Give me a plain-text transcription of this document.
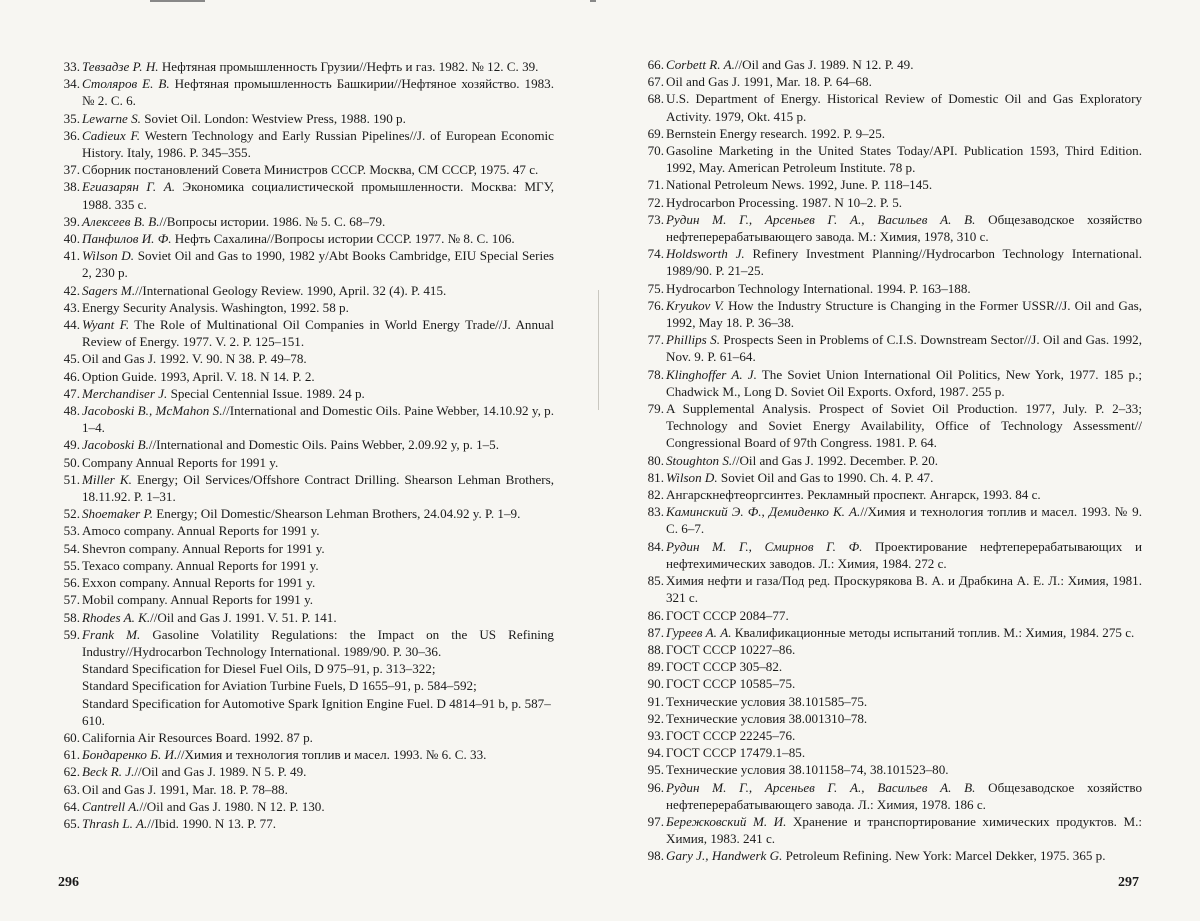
33. Тевзадзе Р. Н. Нефтяная промышленность Грузии//Нефть и газ. 1982. № 12. С. 39.
34. Столяров Е. В. Нефтяная промышленность Башкирии//Нефтяное хозяйство. 1983. № 2. С. 6.
35. Lewarne S. Soviet Oil. London: Westview Press, 1988. 190 p.
36. Cadieux F. Western Technology and Early Russian Pipelines//J. of European Economic History. Italy, 1986. P. 345–355.
37. Сборник постановлений Совета Министров СССР. Москва, СМ СССР, 1975. 47 с.
38. Егиазарян Г. А. Экономика социалистической промышленности. Москва: МГУ, 1988. 335 с.
39. Алексеев В. В.//Вопросы истории. 1986. № 5. С. 68–79.
40. Панфилов И. Ф. Нефть Сахалина//Вопросы истории СССР. 1977. № 8. С. 106.
41. Wilson D. Soviet Oil and Gas to 1990, 1982 y/Abt Books Cambridge, EIU Special Series 2, 230 p.
42. Sagers M.//International Geology Review. 1990, April. 32 (4). P. 415.
43. Energy Security Analysis. Washington, 1992. 58 p.
44. Wyant F. The Role of Multinational Oil Companies in World Energy Trade//J. Annual Review of Energy. 1977. V. 2. P. 125–151.
45. Oil and Gas J. 1992. V. 90. N 38. P. 49–78.
46. Option Guide. 1993, April. V. 18. N 14. P. 2.
47. Merchandiser J. Special Centennial Issue. 1989. 24 p.
48. Jacoboski B., McMahon S.//International and Domestic Oils. Paine Webber, 14.10.92 y, p. 1–4.
49. Jacoboski B.//International and Domestic Oils. Pains Webber, 2.09.92 y, p. 1–5.
50. Company Annual Reports for 1991 y.
51. Miller K. Energy; Oil Services/Offshore Contract Drilling. Shearson Lehman Brothers, 18.11.92. P. 1–31.
52. Shoemaker P. Energy; Oil Domestic/Shearson Lehman Brothers, 24.04.92 y. P. 1–9.
53. Amoco company. Annual Reports for 1991 y.
54. Shevron company. Annual Reports for 1991 y.
55. Texaco company. Annual Reports for 1991 y.
56. Exxon company. Annual Reports for 1991 y.
57. Mobil company. Annual Reports for 1991 y.
58. Rhodes A. K.//Oil and Gas J. 1991. V. 51. P. 141.
59. Frank M. Gasoline Volatility Regulations: the Impact on the US Refining Industry//Hydrocarbon Technology International. 1989/90. P. 30–36.
Standard Specification for Diesel Fuel Oils, D 975–91, p. 313–322;
Standard Specification for Aviation Turbine Fuels, D 1655–91, p. 584–592;
Standard Specification for Automotive Spark Ignition Engine Fuel. D 4814–91 b, p. 587–610.
60. California Air Resources Board. 1992. 87 p.
61. Бондаренко Б. И.//Химия и технология топлив и масел. 1993. № 6. С. 33.
62. Beck R. J.//Oil and Gas J. 1989. N 5. P. 49.
63. Oil and Gas J. 1991, Mar. 18. P. 78–88.
64. Cantrell A.//Oil and Gas J. 1980. N 12. P. 130.
65. Thrash L. A.//Ibid. 1990. N 13. P. 77.
296
66. Corbett R. A.//Oil and Gas J. 1989. N 12. P. 49.
67. Oil and Gas J. 1991, Mar. 18. P. 64–68.
68. U.S. Department of Energy. Historical Review of Domestic Oil and Gas Exploratory Activity. 1979, Okt. 415 p.
69. Bernstein Energy research. 1992. P. 9–25.
70. Gasoline Marketing in the United States Today/API. Publication 1593, Third Edition. 1992, May. American Petroleum Institute. 78 p.
71. National Petroleum News. 1992, June. P. 118–145.
72. Hydrocarbon Processing. 1987. N 10–2. P. 5.
73. Рудин М. Г., Арсеньев Г. А., Васильев А. В. Общезаводское хозяйство нефтеперерабатывающего завода. М.: Химия, 1978, 310 с.
74. Holdsworth J. Refinery Investment Planning//Hydrocarbon Technology International. 1989/90. P. 21–25.
75. Hydrocarbon Technology International. 1994. P. 163–188.
76. Kryukov V. How the Industry Structure is Changing in the Former USSR//J. Oil and Gas, 1992, May 18. P. 36–38.
77. Phillips S. Prospects Seen in Problems of C.I.S. Downstream Sector//J. Oil and Gas. 1992, Nov. 9. P. 61–64.
78. Klinghoffer A. J. The Soviet Union International Oil Politics, New York, 1977. 185 p.; Chadwick M., Long D. Soviet Oil Exports. Oxford, 1987. 255 p.
79. A Supplemental Analysis. Prospect of Soviet Oil Production. 1977, July. P. 2–33; Technology and Soviet Energy Availability, Office of Technology Assessment// Congressional Board of 97th Congress. 1981. P. 64.
80. Stoughton S.//Oil and Gas J. 1992. December. P. 20.
81. Wilson D. Soviet Oil and Gas to 1990. Ch. 4. P. 47.
82. Ангарскнефтеоргсинтез. Рекламный проспект. Ангарск, 1993. 84 с.
83. Каминский Э. Ф., Демиденко К. А.//Химия и технология топлив и масел. 1993. № 9. С. 6–7.
84. Рудин М. Г., Смирнов Г. Ф. Проектирование нефтеперерабатывающих и нефтехимических заводов. Л.: Химия, 1984. 272 с.
85. Химия нефти и газа/Под ред. Проскурякова В. А. и Драбкина А. Е. Л.: Химия, 1981. 321 с.
86. ГОСТ СССР 2084–77.
87. Гуреев А. А. Квалификационные методы испытаний топлив. М.: Химия, 1984. 275 с.
88. ГОСТ СССР 10227–86.
89. ГОСТ СССР 305–82.
90. ГОСТ СССР 10585–75.
91. Технические условия 38.101585–75.
92. Технические условия 38.001310–78.
93. ГОСТ СССР 22245–76.
94. ГОСТ СССР 17479.1–85.
95. Технические условия 38.101158–74, 38.101523–80.
96. Рудин М. Г., Арсеньев Г. А., Васильев А. В. Общезаводское хозяйство нефтеперерабатывающего завода. Л.: Химия, 1978. 186 с.
97. Бережковский М. И. Хранение и транспортирование химических продуктов. М.: Химия, 1983. 241 с.
98. Gary J., Handwerk G. Petroleum Refining. New York: Marcel Dekker, 1975. 365 p.
297
